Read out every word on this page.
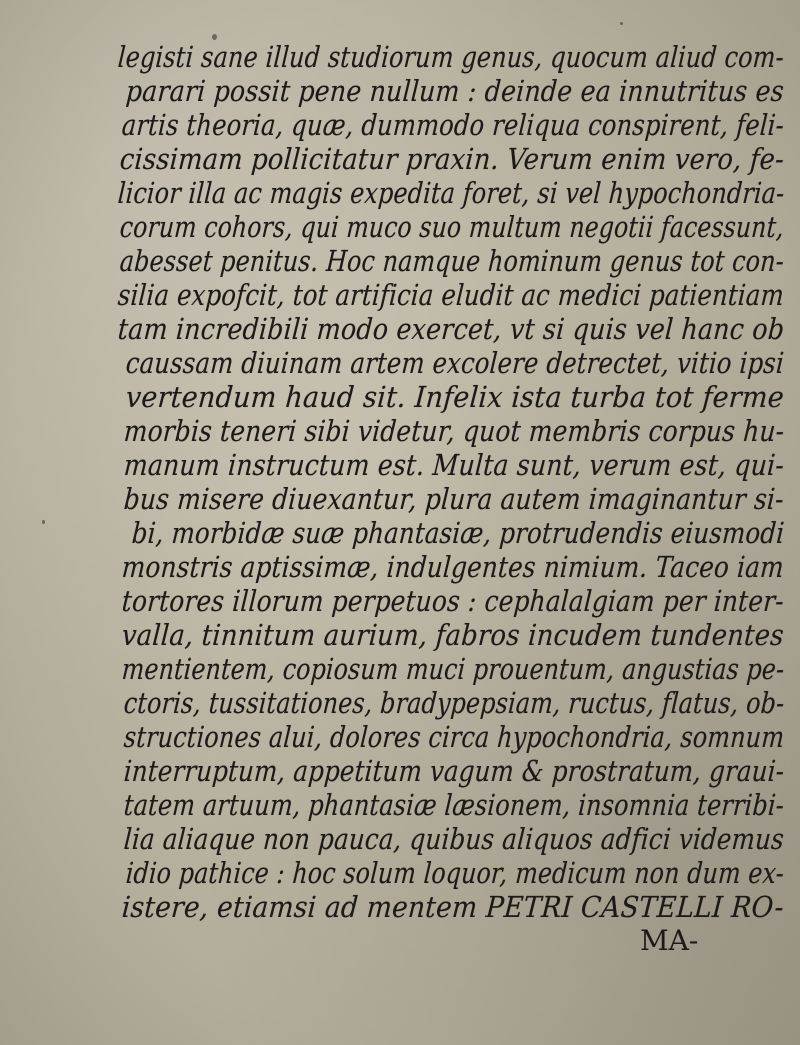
legisti sane illud studiorum genus, quocum aliud com-
parari possit pene nullum : deinde ea innutritus es
artis theoria, quæ, dummodo reliqua conspirent, feli-
cissimam pollicitatur praxin. Verum enim vero, fe-
licior illa ac magis expedita foret, si vel hypochondria-
corum cohors, qui muco suo multum negotii facessunt,
abesset penitus. Hoc namque hominum genus tot con-
silia expofcit, tot artificia eludit ac medici patientiam
tam incredibili modo exercet, vt si quis vel hanc ob
caussam diuinam artem excolere detrectet, vitio ipsi
vertendum haud sit. Infelix ista turba tot ferme
morbis teneri sibi videtur, quot membris corpus hu-
manum instructum est. Multa sunt, verum est, qui-
bus misere diuexantur, plura autem imaginantur si-
bi, morbidæ suæ phantasiæ, protrudendis eiusmodi
monstris aptissimæ, indulgentes nimium. Taceo iam
tortores illorum perpetuos : cephalalgiam per inter-
valla, tinnitum aurium, fabros incudem tundentes
mentientem, copiosum muci prouentum, angustias pe-
ctoris, tussitationes, bradypepsiam, ructus, flatus, ob-
structiones alui, dolores circa hypochondria, somnum
interruptum, appetitum vagum & prostratum, graui-
tatem artuum, phantasiæ læsionem, insomnia terribi-
lia aliaque non pauca, quibus aliquos adfici videmus
idio pathice : hoc solum loquor, medicum non dum ex-
istere, etiamsi ad mentem PETRI CASTELLI RO-
MA-
